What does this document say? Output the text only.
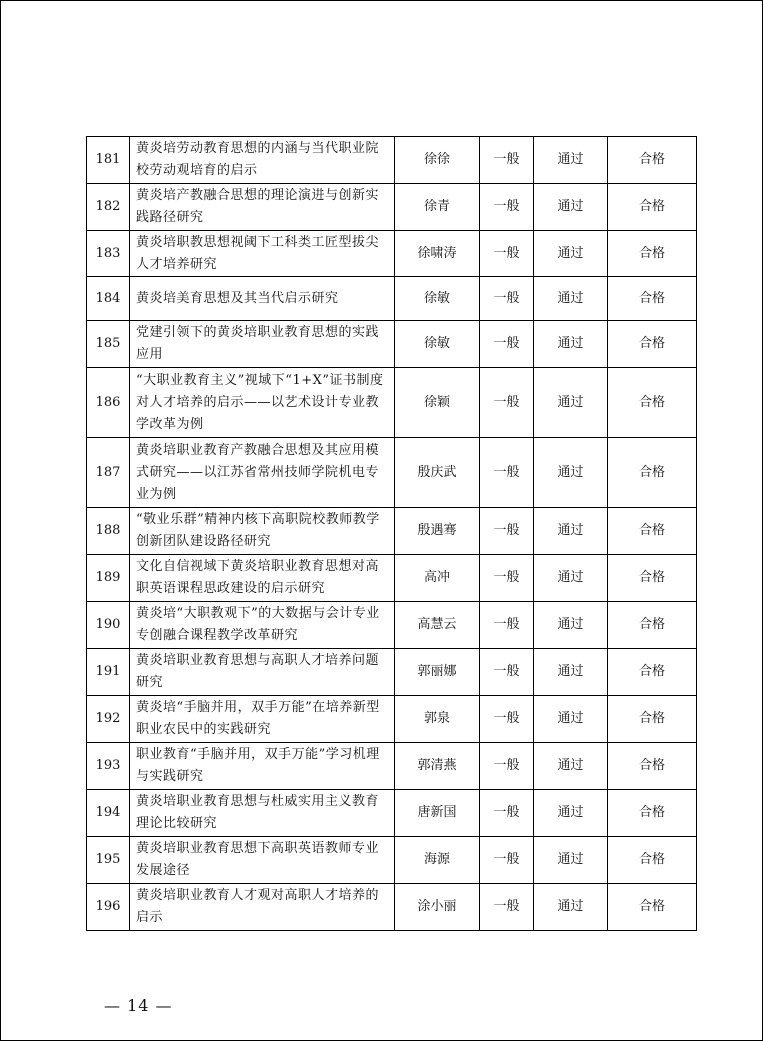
181	黄炎培劳动教育思想的内涵与当代职业院校劳动观培育的启示	徐徐	一般	通过	合格
182	黄炎培产教融合思想的理论演进与创新实践路径研究	徐青	一般	通过	合格
183	黄炎培职教思想视阈下工科类工匠型拔尖人才培养研究	徐啸涛	一般	通过	合格
184	黄炎培美育思想及其当代启示研究	徐敏	一般	通过	合格
185	党建引领下的黄炎培职业教育思想的实践应用	徐敏	一般	通过	合格
186	“大职业教育主义”视域下“1+X”证书制度对人才培养的启示——以艺术设计专业教学改革为例	徐颖	一般	通过	合格
187	黄炎培职业教育产教融合思想及其应用模式研究——以江苏省常州技师学院机电专业为例	殷庆武	一般	通过	合格
188	“敬业乐群”精神内核下高职院校教师教学创新团队建设路径研究	殷遇骞	一般	通过	合格
189	文化自信视域下黄炎培职业教育思想对高职英语课程思政建设的启示研究	高冲	一般	通过	合格
190	黄炎培“大职教观下”的大数据与会计专业专创融合课程教学改革研究	高慧云	一般	通过	合格
191	黄炎培职业教育思想与高职人才培养问题研究	郭丽娜	一般	通过	合格
192	黄炎培“手脑并用，双手万能”在培养新型职业农民中的实践研究	郭泉	一般	通过	合格
193	职业教育“手脑并用，双手万能”学习机理与实践研究	郭清燕	一般	通过	合格
194	黄炎培职业教育思想与杜威实用主义教育理论比较研究	唐新国	一般	通过	合格
195	黄炎培职业教育思想下高职英语教师专业发展途径	海源	一般	通过	合格
196	黄炎培职业教育人才观对高职人才培养的启示	涂小丽	一般	通过	合格
— 14 —
